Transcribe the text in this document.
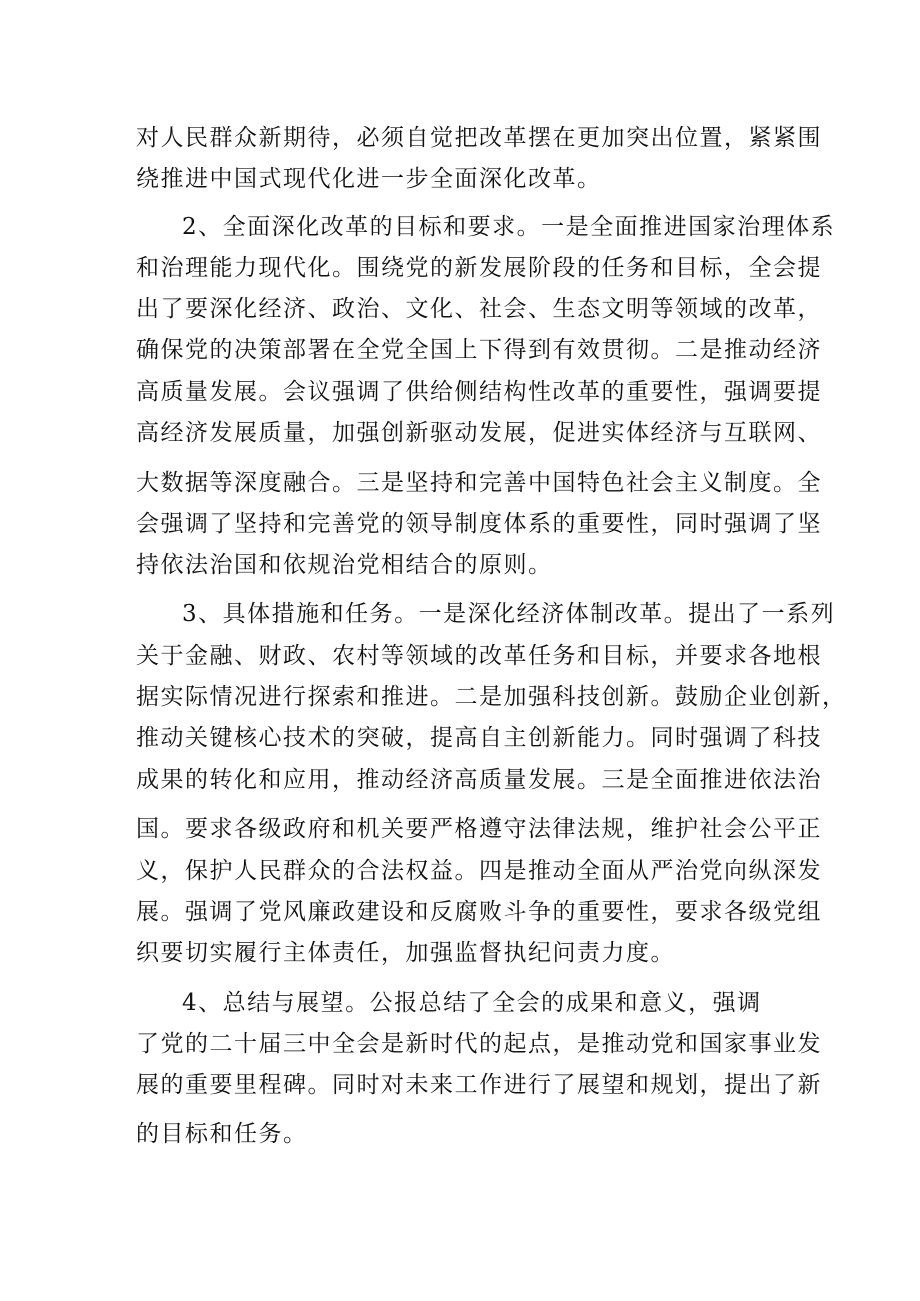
对人民群众新期待，必须自觉把改革摆在更加突出位置，紧紧围
绕推进中国式现代化进一步全面深化改革。
2、全面深化改革的目标和要求。一是全面推进国家治理体系
和治理能力现代化。围绕党的新发展阶段的任务和目标，全会提
出了要深化经济、政治、文化、社会、生态文明等领域的改革，
确保党的决策部署在全党全国上下得到有效贯彻。二是推动经济
高质量发展。会议强调了供给侧结构性改革的重要性，强调要提
高经济发展质量，加强创新驱动发展，促进实体经济与互联网、
大数据等深度融合。三是坚持和完善中国特色社会主义制度。全
会强调了坚持和完善党的领导制度体系的重要性，同时强调了坚
持依法治国和依规治党相结合的原则。
3、具体措施和任务。一是深化经济体制改革。提出了一系列
关于金融、财政、农村等领域的改革任务和目标，并要求各地根
据实际情况进行探索和推进。二是加强科技创新。鼓励企业创新，
推动关键核心技术的突破，提高自主创新能力。同时强调了科技
成果的转化和应用，推动经济高质量发展。三是全面推进依法治
国。要求各级政府和机关要严格遵守法律法规，维护社会公平正
义，保护人民群众的合法权益。四是推动全面从严治党向纵深发
展。强调了党风廉政建设和反腐败斗争的重要性，要求各级党组
织要切实履行主体责任，加强监督执纪问责力度。
4、总结与展望。公报总结了全会的成果和意义，强调
了党的二十届三中全会是新时代的起点，是推动党和国家事业发
展的重要里程碑。同时对未来工作进行了展望和规划，提出了新
的目标和任务。
